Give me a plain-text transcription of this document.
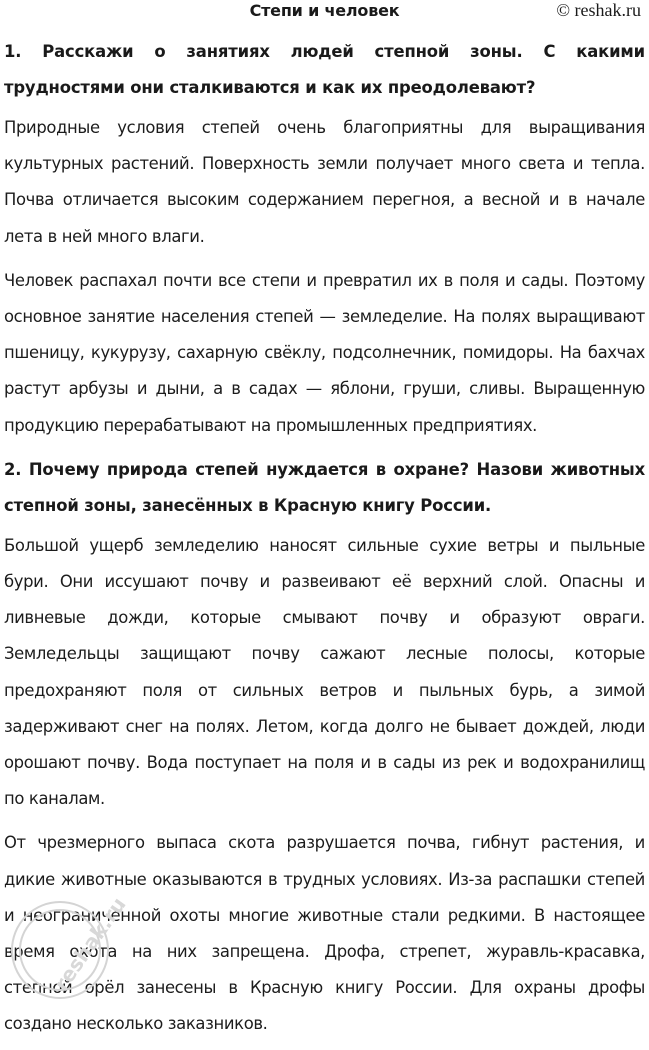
Степи и человек	© reshak.ru

1. Расскажи о занятиях людей степной зоны. С какими трудностями они сталкиваются и как их преодолевают?

Природные условия степей очень благоприятны для выращивания культурных растений. Поверхность земли получает много света и тепла. Почва отличается высоким содержанием перегноя, а весной и в начале лета в ней много влаги.

Человек распахал почти все степи и превратил их в поля и сады. Поэтому основное занятие населения степей — земледелие. На полях выращивают пшеницу, кукурузу, сахарную свёклу, подсолнечник, помидоры. На бахчах растут арбузы и дыни, а в садах — яблони, груши, сливы. Выращенную продукцию перерабатывают на промышленных предприятиях.

2. Почему природа степей нуждается в охране? Назови животных степной зоны, занесённых в Красную книгу России.

Большой ущерб земледелию наносят сильные сухие ветры и пыльные бури. Они иссушают почву и развеивают её верхний слой. Опасны и ливневые дожди, которые смывают почву и образуют овраги. Земледельцы защищают почву сажают лесные полосы, которые предохраняют поля от сильных ветров и пыльных бурь, а зимой задерживают снег на полях. Летом, когда долго не бывает дождей, люди орошают почву. Вода поступает на поля и в сады из рек и водохранилищ по каналам.

От чрезмерного выпаса скота разрушается почва, гибнут растения, и дикие животные оказываются в трудных условиях. Из-за распашки степей и неограниченной охоты многие животные стали редкими. В настоящее время охота на них запрещена. Дрофа, стрепет, журавль-красавка, степной орёл занесены в Красную книгу России. Для охраны дрофы создано несколько заказников.

reshak.ru
